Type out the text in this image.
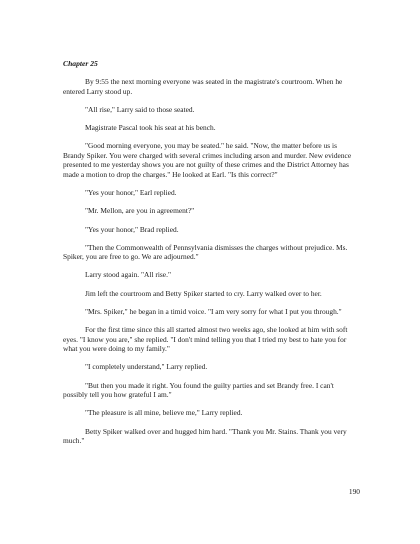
Chapter 25

By 9:55 the next morning everyone was seated in the magistrate's courtroom. When he entered Larry stood up.

"All rise," Larry said to those seated.

Magistrate Pascal took his seat at his bench.

"Good morning everyone, you may be seated." he said. "Now, the matter before us is Brandy Spiker. You were charged with several crimes including arson and murder. New evidence presented to me yesterday shows you are not guilty of these crimes and the District Attorney has made a motion to drop the charges." He looked at Earl. "Is this correct?"

"Yes your honor," Earl replied.

"Mr. Mellon, are you in agreement?"

"Yes your honor," Brad replied.

"Then the Commonwealth of Pennsylvania dismisses the charges without prejudice. Ms. Spiker, you are free to go. We are adjourned."

Larry stood again. "All rise."

Jim left the courtroom and Betty Spiker started to cry. Larry walked over to her.

"Mrs. Spiker," he began in a timid voice. "I am very sorry for what I put you through."

For the first time since this all started almost two weeks ago, she looked at him with soft eyes. "I know you are," she replied. "I don't mind telling you that I tried my best to hate you for what you were doing to my family."

"I completely understand," Larry replied.

"But then you made it right. You found the guilty parties and set Brandy free. I can't possibly tell you how grateful I am."

"The pleasure is all mine, believe me," Larry replied.

Betty Spiker walked over and hugged him hard. "Thank you Mr. Stains. Thank you very much."

190
